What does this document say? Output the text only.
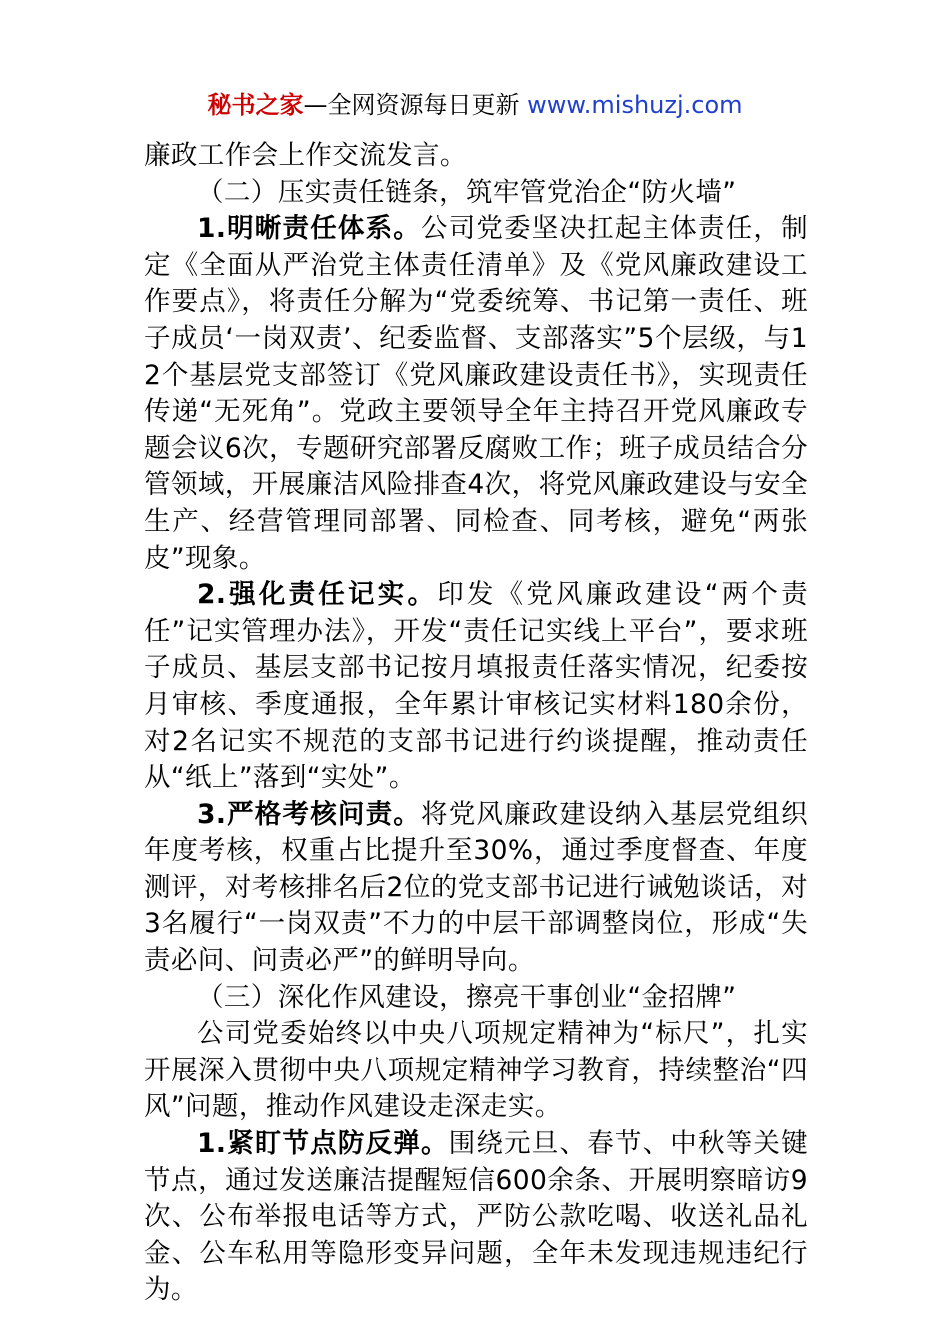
秘书之家—全网资源每日更新 www.mishuzj.com

廉政工作会上作交流发言。

（二）压实责任链条，筑牢管党治企“防火墙”

1.明晰责任体系。公司党委坚决扛起主体责任，制定《全面从严治党主体责任清单》及《党风廉政建设工作要点》，将责任分解为“党委统筹、书记第一责任、班子成员‘一岗双责’、纪委监督、支部落实”5个层级，与12个基层党支部签订《党风廉政建设责任书》，实现责任传递“无死角”。党政主要领导全年主持召开党风廉政专题会议6次，专题研究部署反腐败工作；班子成员结合分管领域，开展廉洁风险排查4次，将党风廉政建设与安全生产、经营管理同部署、同检查、同考核，避免“两张皮”现象。

2.强化责任记实。印发《党风廉政建设“两个责任”记实管理办法》，开发“责任记实线上平台”，要求班子成员、基层支部书记按月填报责任落实情况，纪委按月审核、季度通报，全年累计审核记实材料180余份，对2名记实不规范的支部书记进行约谈提醒，推动责任从“纸上”落到“实处”。

3.严格考核问责。将党风廉政建设纳入基层党组织年度考核，权重占比提升至30%，通过季度督查、年度测评，对考核排名后2位的党支部书记进行诫勉谈话，对3名履行“一岗双责”不力的中层干部调整岗位，形成“失责必问、问责必严”的鲜明导向。

（三）深化作风建设，擦亮干事创业“金招牌”

公司党委始终以中央八项规定精神为“标尺”，扎实开展深入贯彻中央八项规定精神学习教育，持续整治“四风”问题，推动作风建设走深走实。

1.紧盯节点防反弹。围绕元旦、春节、中秋等关键节点，通过发送廉洁提醒短信600余条、开展明察暗访9次、公布举报电话等方式，严防公款吃喝、收送礼品礼金、公车私用等隐形变异问题，全年未发现违规违纪行为。
